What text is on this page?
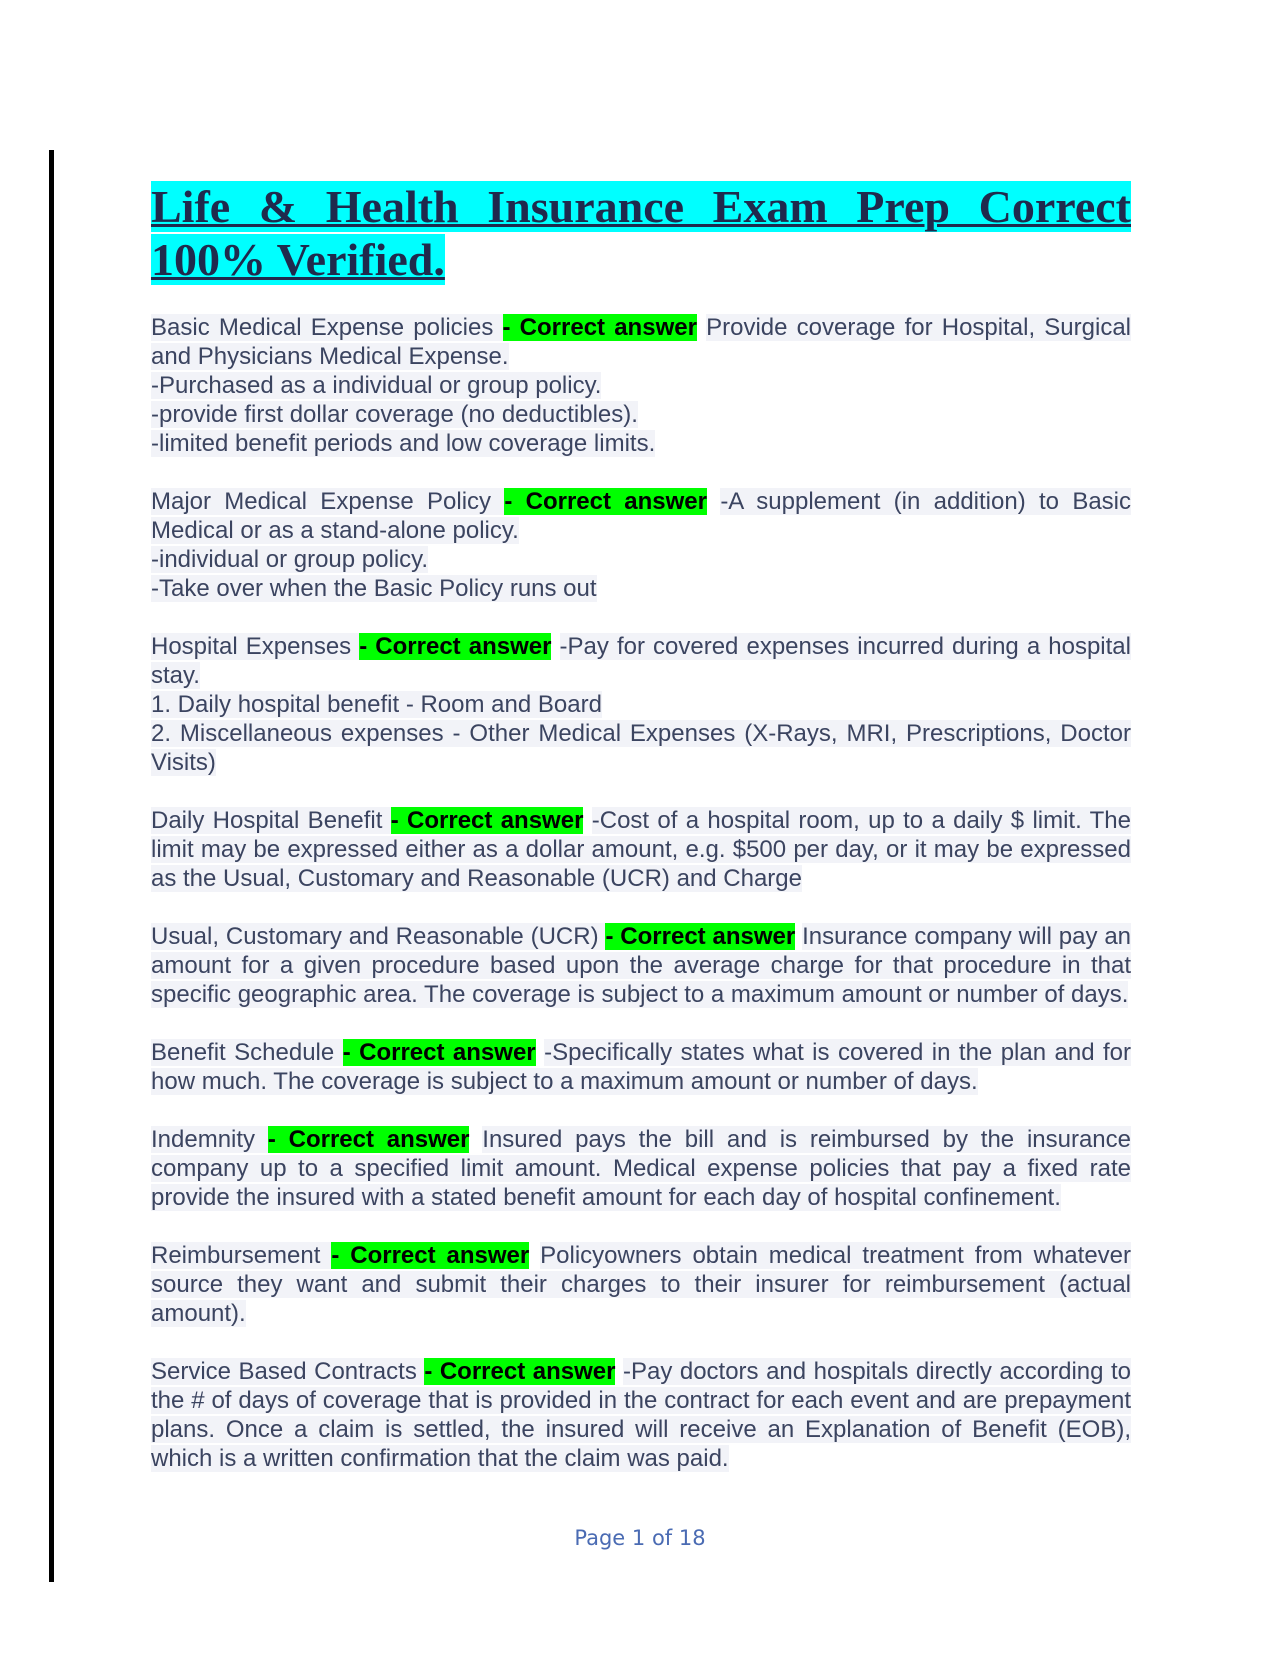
Life & Health Insurance Exam Prep Correct 100% Verified.

Basic Medical Expense policies - Correct answer Provide coverage for Hospital, Surgical and Physicians Medical Expense.

-Purchased as a individual or group policy.

-provide first dollar coverage (no deductibles).

-limited benefit periods and low coverage limits.

Major Medical Expense Policy - Correct answer -A supplement (in addition) to Basic Medical or as a stand-alone policy.

-individual or group policy.

-Take over when the Basic Policy runs out

Hospital Expenses - Correct answer -Pay for covered expenses incurred during a hospital stay.

1. Daily hospital benefit - Room and Board

2. Miscellaneous expenses - Other Medical Expenses (X-Rays, MRI, Prescriptions, Doctor Visits)

Daily Hospital Benefit - Correct answer -Cost of a hospital room, up to a daily $ limit. The limit may be expressed either as a dollar amount, e.g. $500 per day, or it may be expressed as the Usual, Customary and Reasonable (UCR) and Charge

Usual, Customary and Reasonable (UCR) - Correct answer Insurance company will pay an amount for a given procedure based upon the average charge for that procedure in that specific geographic area. The coverage is subject to a maximum amount or number of days.

Benefit Schedule - Correct answer -Specifically states what is covered in the plan and for how much. The coverage is subject to a maximum amount or number of days.

Indemnity - Correct answer Insured pays the bill and is reimbursed by the insurance company up to a specified limit amount. Medical expense policies that pay a fixed rate provide the insured with a stated benefit amount for each day of hospital confinement.

Reimbursement - Correct answer Policyowners obtain medical treatment from whatever source they want and submit their charges to their insurer for reimbursement (actual amount).

Service Based Contracts - Correct answer -Pay doctors and hospitals directly according to the # of days of coverage that is provided in the contract for each event and are prepayment plans. Once a claim is settled, the insured will receive an Explanation of Benefit (EOB), which is a written confirmation that the claim was paid.

Page 1 of 18
